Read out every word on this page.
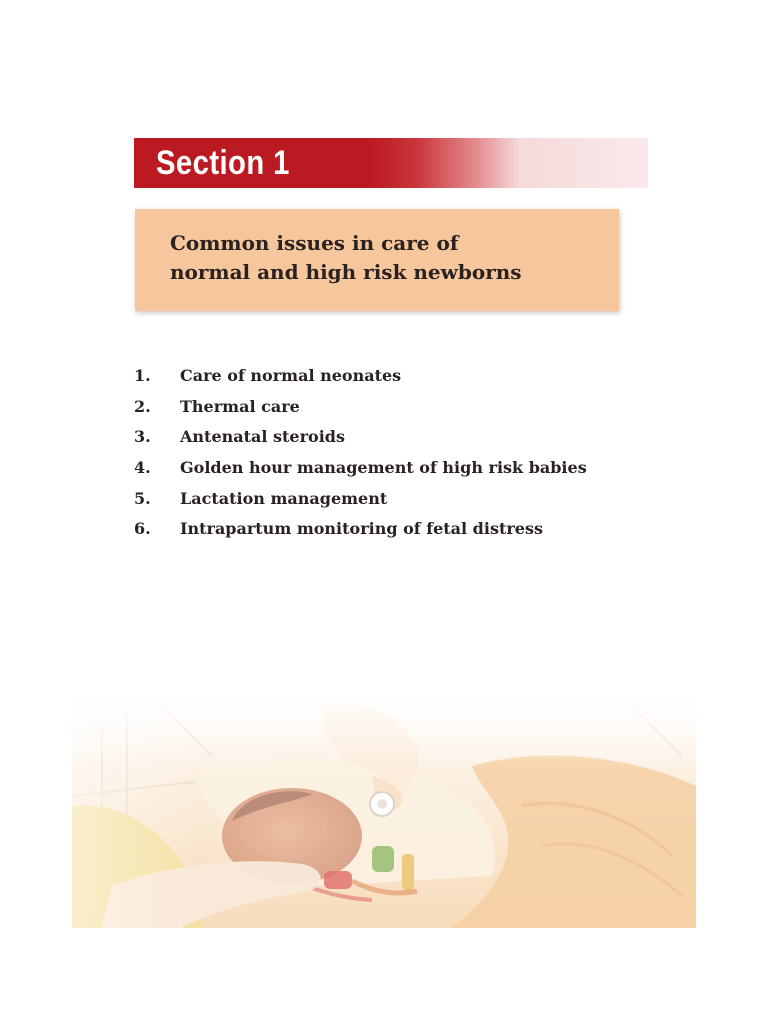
Section 1
Common issues in care of
normal and high risk newborns
1. Care of normal neonates
2. Thermal care
3. Antenatal steroids
4. Golden hour management of high risk babies
5. Lactation management
6. Intrapartum monitoring of fetal distress
